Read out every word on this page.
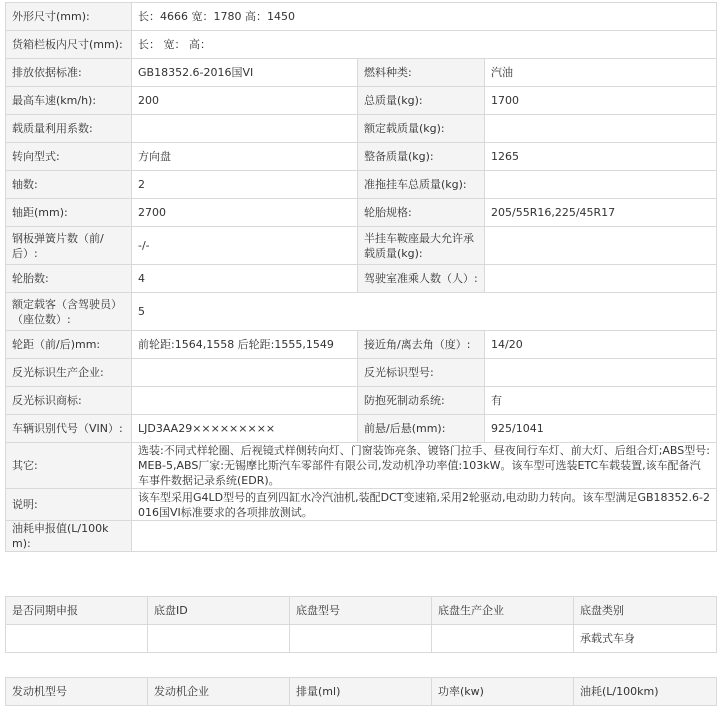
外形尺寸(mm):	长：4666 宽：1780 高：1450		
货箱栏板内尺寸(mm):	长： 宽： 高：		
排放依据标准:	GB18352.6-2016国VI	燃料种类:	汽油
最高车速(km/h):	200	总质量(kg):	1700
载质量利用系数:		额定载质量(kg):	
转向型式:	方向盘	整备质量(kg):	1265
轴数:	2	准拖挂车总质量(kg):	
轴距(mm):	2700	轮胎规格:	205/55R16,225/45R17
钢板弹簧片数（前/后）:	-/-	半挂车鞍座最大允许承载质量(kg):	
轮胎数:	4	驾驶室准乘人数（人）:	
额定载客（含驾驶员）（座位数）:	5		
轮距（前/后)mm:	前轮距:1564,1558 后轮距:1555,1549	接近角/离去角（度）:	14/20
反光标识生产企业:		反光标识型号:	
反光标识商标:		防抱死制动系统:	有
车辆识别代号（VIN）:	LJD3AA29×××××××××	前悬/后悬(mm):	925/1041
其它:	选装:不同式样轮圈、后视镜式样侧转向灯、门窗装饰亮条、镀铬门拉手、昼夜间行车灯、前大灯、后组合灯;ABS型号:MEB-5,ABS厂家:无锡摩比斯汽车零部件有限公司,发动机净功率值:103kW。该车型可选装ETC车载装置,该车配备汽车事件数据记录系统(EDR)。		
说明:	该车型采用G4LD型号的直列四缸水冷汽油机,装配DCT变速箱,采用2轮驱动,电动助力转向。该车型满足GB18352.6-2016国VI标准要求的各项排放测试。		
油耗申报值(L/100km):			
是否同期申报	底盘ID	底盘型号	底盘生产企业	底盘类别
				承载式车身
发动机型号	发动机企业	排量(ml)	功率(kw)	油耗(L/100km)
